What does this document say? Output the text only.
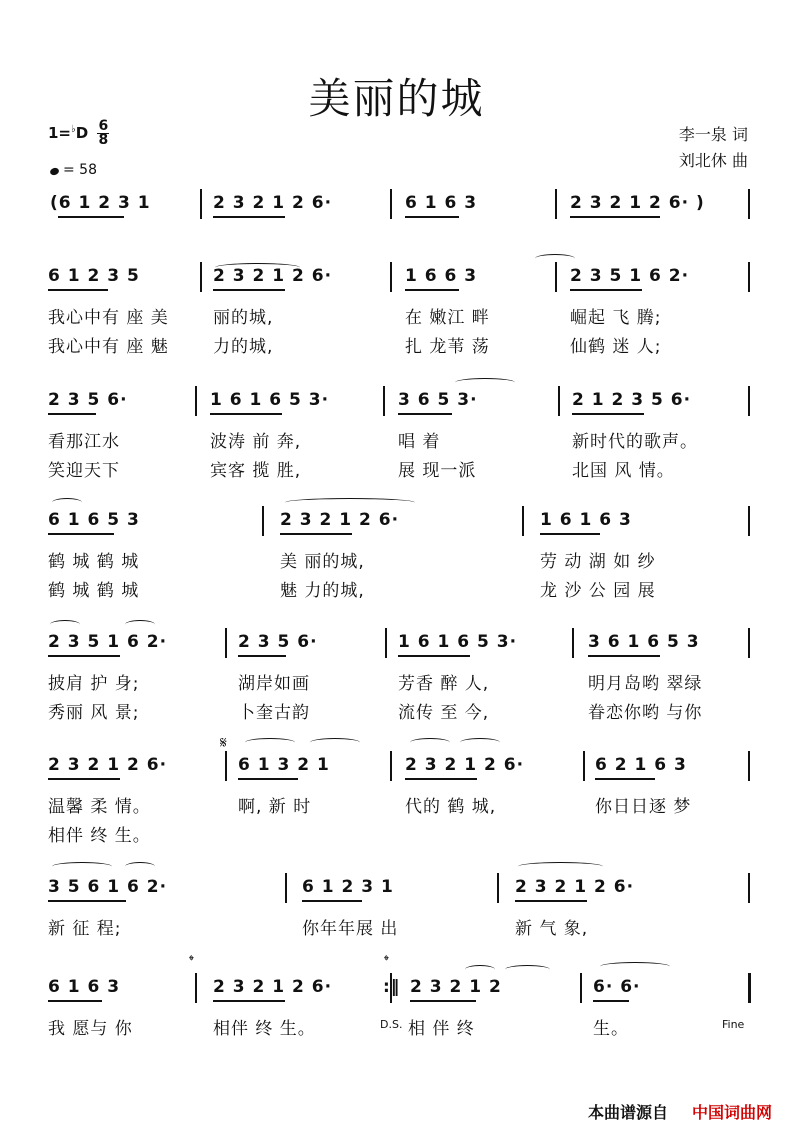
美丽的城
$1=^♭D \frac{6}{8}$
= 58
李一泉 词
刘北休 曲
(6 1 2 3 1	2 3 2 1 2 6·	6 1 6 3	2 3 2 1 2 6· )
6 1 2 3 5	2 3 2 1 2 6·	1 6 6 3	2 3 5 1 6 2·
我心中有 座 美	丽的城,	在 嫩江 畔	崛起 飞 腾;
我心中有 座 魅	力的城,	扎 龙苇 荡	仙鹤 迷 人;
2 3 5 6·	1 6 1 6 5 3·	3 6 5 3·	2 1 2 3 5 6·
看那江水	波涛 前 奔,	唱 着	新时代的歌声。
笑迎天下	宾客 揽 胜,	展 现一派	北国 风 情。
6 1 6 5 3	2 3 2 1 2 6·	1 6 1 6 3
鹤 城 鹤 城	美 丽的城,	劳 动 湖 如 纱
鹤 城 鹤 城	魅 力的城,	龙 沙 公 园 展
2 3 5 1 6 2·	2 3 5 6·	1 6 1 6 5 3·	3 6 1 6 5 3
披肩 护 身;	湖岸如画	芳香 醉 人,	明月岛哟 翠绿
秀丽 风 景;	卜奎古韵	流传 至 今,	眷恋你哟 与你
2 3 2 1 2 6·	6 1 3 2 1	2 3 2 1 2 6·	6 2 1 6 3
温馨 柔 情。	啊, 新 时	代的 鹤 城,	你日日逐 梦
相伴 终 生。
3 5 6 1 6 2·	6 1 2 3 1	2 3 2 1 2 6·
新 征 程;	你年年展 出	新 气 象,
6 1 6 3	2 3 2 1 2 6·	2 3 2 1 2	6· 6·
我 愿与 你	相伴 终 生。	相 伴 终	生。
:‖
𝄋
𝄌	𝄌
D.S.	Fine
本曲谱源自 中国词曲网
